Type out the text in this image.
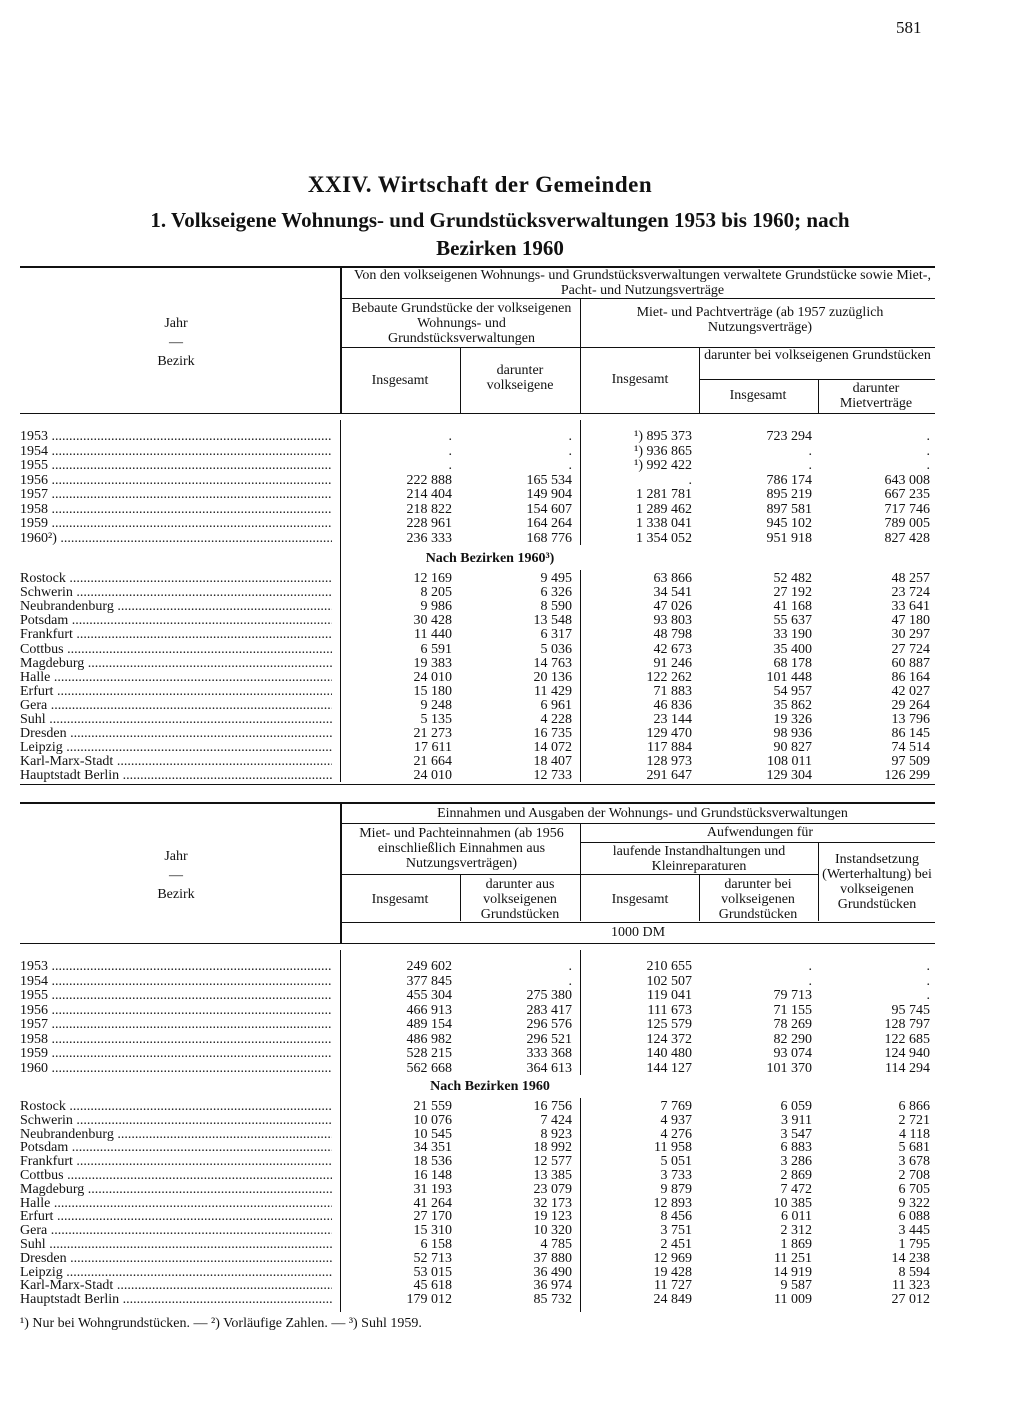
581
XXIV. Wirtschaft der Gemeinden
1. Volkseigene Wohnungs- und Grundstücksverwaltungen 1953 bis 1960; nach
Bezirken 1960
Jahr
—
Bezirk
Von den volkseigenen Wohnungs- und Grundstücksverwaltungen verwaltete Grundstücke sowie Miet-, Pacht- und Nutzungsverträge
Bebaute Grundstücke der volkseigenen Wohnungs- und Grundstücksverwaltungen
Miet- und Pachtverträge (ab 1957 zuzüglich Nutzungsverträge)
darunter bei volkseigenen Grundstücken
Insgesamt
darunter volkseigene	Insgesamt
Insgesamt	darunter Mietverträge
1953 .....	.	.	¹) 895 373	723 294	.
1954 .....	.	.	¹) 936 865	.	.
1955 .....	.	.	¹) 992 422	.	.
1956 .....	222 888	165 534	.	786 174	643 008
1957 .....	214 404	149 904	1 281 781	895 219	667 235
1958 .....	218 822	154 607	1 289 462	897 581	717 746
1959 .....	228 961	164 264	1 338 041	945 102	789 005
1960²) .....	236 333	168 776	1 354 052	951 918	827 428
Nach Bezirken 1960³)
Rostock .....	12 169	9 495	63 866	52 482	48 257
Schwerin .....	8 205	6 326	34 541	27 192	23 724
Neubrandenburg .....	9 986	8 590	47 026	41 168	33 641
Potsdam .....	30 428	13 548	93 803	55 637	47 180
Frankfurt .....	11 440	6 317	48 798	33 190	30 297
Cottbus .....	6 591	5 036	42 673	35 400	27 724
Magdeburg .....	19 383	14 763	91 246	68 178	60 887
Halle .....	24 010	20 136	122 262	101 448	86 164
Erfurt .....	15 180	11 429	71 883	54 957	42 027
Gera .....	9 248	6 961	46 836	35 862	29 264
Suhl .....	5 135	4 228	23 144	19 326	13 796
Dresden .....	21 273	16 735	129 470	98 936	86 145
Leipzig .....	17 611	14 072	117 884	90 827	74 514
Karl-Marx-Stadt .....	21 664	18 407	128 973	108 011	97 509
Hauptstadt Berlin .....	24 010	12 733	291 647	129 304	126 299
Jahr
—
Bezirk
Einnahmen und Ausgaben der Wohnungs- und Grundstücksverwaltungen
Miet- und Pachteinnahmen (ab 1956 einschließlich Einnahmen aus Nutzungsverträgen)
Aufwendungen für
laufende Instandhaltungen und Kleinreparaturen	Instandsetzung (Werterhaltung) bei volkseigenen Grundstücken
Insgesamt
darunter aus volkseigenen Grundstücken
Insgesamt
darunter bei volkseigenen Grundstücken
1000 DM
1953 .....	249 602	.	210 655	.	.
1954 .....	377 845	.	102 507	.	.
1955 .....	455 304	275 380	119 041	79 713	.
1956 .....	466 913	283 417	111 673	71 155	95 745
1957 .....	489 154	296 576	125 579	78 269	128 797
1958 .....	486 982	296 521	124 372	82 290	122 685
1959 .....	528 215	333 368	140 480	93 074	124 940
1960 .....	562 668	364 613	144 127	101 370	114 294
Nach Bezirken 1960
Rostock .....	21 559	16 756	7 769	6 059	6 866
Schwerin .....	10 076	7 424	4 937	3 911	2 721
Neubrandenburg .....	10 545	8 923	4 276	3 547	4 118
Potsdam .....	34 351	18 992	11 958	6 883	5 681
Frankfurt .....	18 536	12 577	5 051	3 286	3 678
Cottbus .....	16 148	13 385	3 733	2 869	2 708
Magdeburg .....	31 193	23 079	9 879	7 472	6 705
Halle .....	41 264	32 173	12 893	10 385	9 322
Erfurt .....	27 170	19 123	8 456	6 011	6 088
Gera .....	15 310	10 320	3 751	2 312	3 445
Suhl .....	6 158	4 785	2 451	1 869	1 795
Dresden .....	52 713	37 880	12 969	11 251	14 238
Leipzig .....	53 015	36 490	19 428	14 919	8 594
Karl-Marx-Stadt .....	45 618	36 974	11 727	9 587	11 323
Hauptstadt Berlin .....	179 012	85 732	24 849	11 009	27 012
¹) Nur bei Wohngrundstücken. — ²) Vorläufige Zahlen. — ³) Suhl 1959.
